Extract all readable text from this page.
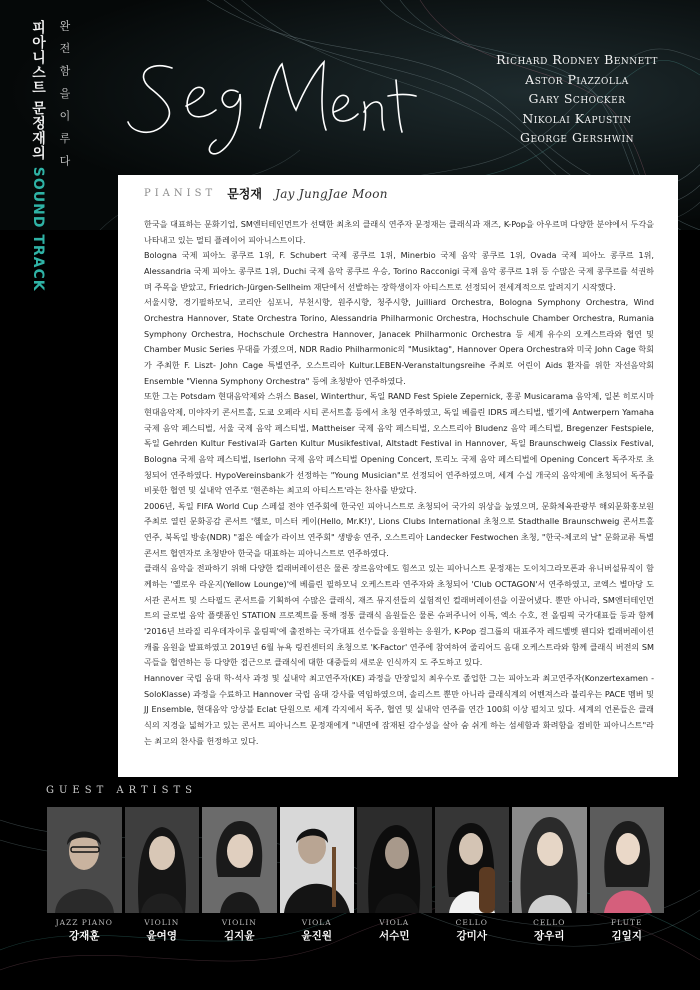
피아니스트 문정재의 SOUND TRACK
완 전 함 을 이 루 다	Richard Rodney Bennett
Astor Piazzolla
Gary Schocker
Nikolai Kapustin
George Gershwin
PIANIST 문정재 Jay JungJae Moon

한국을 대표하는 문화기업, SM엔터테인먼트가 선택한 최초의 클래식 연주자 문정재는 클래식과 재즈, K-Pop을 아우르며 다양한 분야에서 두각을 나타내고 있는 멀티 플레이어 피아니스트이다.

Bologna 국제 피아노 콩쿠르 1위, F. Schubert 국제 콩쿠르 1위, Minerbio 국제 음악 콩쿠르 1위, Ovada 국제 피아노 콩쿠르 1위, Alessandria 국제 피아노 콩쿠르 1위, Duchi 국제 음악 콩쿠르 우승, Torino Racconigi 국제 음악 콩쿠르 1위 등 수많은 국제 콩쿠르를 석권하며 주목을 받았고, Friedrich-Jürgen-Sellheim 재단에서 선발하는 장학생이자 아티스트로 선정되어 전세계적으로 알려지기 시작했다.

서울시향, 경기필하모닉, 코리안 심포니, 부천시향, 원주시향, 청주시향, Juilliard Orchestra, Bologna Symphony Orchestra, Wind Orchestra Hannover, State Orchestra Torino, Alessandria Philharmonic Orchestra, Hochschule Chamber Orchestra, Rumania Symphony Orchestra, Hochschule Orchestra Hannover, Janacek Philharmonic Orchestra 등 세계 유수의 오케스트라와 협연 및 Chamber Music Series 무대를 가졌으며, NDR Radio Philharmonic의 "Musiktag", Hannover Opera Orchestra와 미국 John Cage 학회가 주최한 F. Liszt- John Cage 특별연주, 오스트리아 Kultur.LEBEN-Veranstaltungsreihe 주최로 어린이 Aids 환자를 위한 자선음악회 Ensemble "Vienna Symphony Orchestra" 등에 초청받아 연주하였다.

또한 그는 Potsdam 현대음악제와 스위스 Basel, Winterthur, 독일 RAND Fest Spiele Zepernick, 홍콩 Musicarama 음악제, 일본 히로시마 현대음악제, 미야자키 콘서트홀, 도쿄 오페라 시티 콘서트홀 등에서 초청 연주하였고, 독일 베를린 IDRS 페스티벌, 벨기에 Antwerpern Yamaha 국제 음악 페스티벌, 서울 국제 음악 페스티벌, Mattheiser 국제 음악 페스티벌, 오스트리아 Bludenz 음악 페스티벌, Bregenzer Festspiele, 독일 Gehrden Kultur Festival과 Garten Kultur Musikfestival, Altstadt Festival in Hannover, 독일 Braunschweig Classix Festival, Bologna 국제 음악 페스티벌, Iserlohn 국제 음악 페스티벌 Opening Concert, 토리노 국제 음악 페스티벌에 Opening Concert 독주자로 초청되어 연주하였다. HypoVereinsbank가 선정하는 "Young Musician"로 선정되어 연주하였으며, 세계 수십 개국의 음악제에 초청되어 독주를 비롯한 협연 및 실내악 연주로 '현존하는 최고의 아티스트'라는 찬사를 받았다.

2006년, 독일 FIFA World Cup 스페셜 전야 연주회에 한국인 피아니스트로 초청되어 국가의 위상을 높였으며, 문화체육관광부 해외문화홍보원 주최로 열린 문화공감 콘서트 '헬로, 미스터 케이(Hello, Mr.K!)', Lions Clubs International 초청으로 Stadthalle Braunschweig 콘서트홀 연주, 북독일 방송(NDR) "젊은 예술가 라이브 연주회" 생방송 연주, 오스트리아 Landecker Festwochen 초청, "한국-체코의 날" 문화교류 특별 콘서트 협연자로 초청받아 한국을 대표하는 피아니스트로 연주하였다.

클래식 음악을 전파하기 위해 다양한 컬래버레이션은 물론 장르음악에도 힘쓰고 있는 피아니스트 문정재는 도이치그라모폰과 유니버설뮤직이 함께하는 '옐로우 라운지(Yellow Lounge)'에 베를린 필하모닉 오케스트라 연주자와 초청되어 'Club OCTAGON'서 연주하였고, 코엑스 별마당 도서관 콘서트 및 스타필드 콘서트를 기획하여 수많은 클래식, 재즈 뮤지션들의 실험적인 컬래버레이션을 이끌어냈다. 뿐만 아니라, SM엔터테인먼트의 글로벌 음악 플랫폼인 STATION 프로젝트를 통해 정통 클래식 음원들은 물론 슈퍼주니어 이특, 엑소 수호, 전 올림픽 국가대표들 등과 함께 '2016년 브라질 리우데자이루 올림픽'에 출전하는 국가대표 선수들을 응원하는 응원가, K-Pop 걸그룹의 대표주자 레드벨벳 웬디와 컬래버레이션 캐롤 음원을 발표하였고 2019년 6월 뉴욕 링컨센터의 초청으로 'K-Factor' 연주에 참여하여 줄리어드 음대 오케스트라와 함께 클래식 버전의 SM 곡들을 협연하는 등 다양한 접근으로 클래식에 대한 대중들의 새로운 인식까지 도 주도하고 있다.

Hannover 국립 음대 학-석사 과정 및 실내악 최고연주자(KE) 과정을 만장일치 최우수로 졸업한 그는 피아노과 최고연주자(Konzertexamen - SoloKlasse) 과정을 수료하고 Hannover 국립 음대 강사를 역임하였으며, 솔리스트 뿐만 아니라 클래식계의 어벤져스라 불리우는 PACE 멤버 및 JJ Ensemble, 현대음악 앙상블 Eclat 단원으로 세계 각지에서 독주, 협연 및 실내악 연주를 연간 100회 이상 펼치고 있다. 세계의 언론들은 클래식의 지경을 넓혀가고 있는 콘서트 피아니스트 문정재에게 "내면에 잠재된 감수성을 살아 숨 쉬게 하는 섬세함과 화려함을 겸비한 피아니스트"라는 최고의 찬사를 헌정하고 있다.

GUEST ARTISTS
JAZZ PIANO
강재훈
VIOLIN
윤여영
VIOLIN
김지윤
VIOLA
윤진원
VIOLA
서수민
CELLO
강미사
CELLO
장우리
FLUTE
김일지
